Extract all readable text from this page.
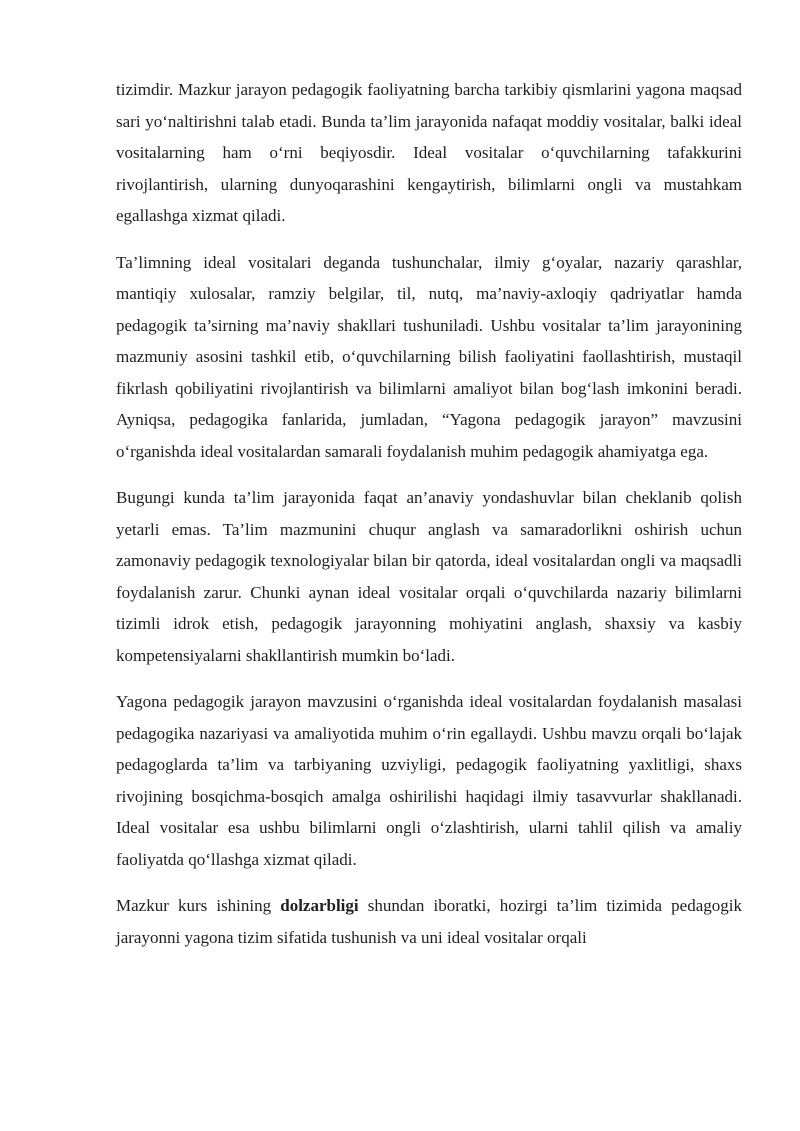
tizimdir. Mazkur jarayon pedagogik faoliyatning barcha tarkibiy qismlarini yagona maqsad sari yo‘naltirishni talab etadi. Bunda ta’lim jarayonida nafaqat moddiy vositalar, balki ideal vositalarning ham o‘rni beqiyosdir. Ideal vositalar o‘quvchilarning tafakkurini rivojlantirish, ularning dunyoqarashini kengaytirish, bilimlarni ongli va mustahkam egallashga xizmat qiladi.

Ta’limning ideal vositalari deganda tushunchalar, ilmiy g‘oyalar, nazariy qarashlar, mantiqiy xulosalar, ramziy belgilar, til, nutq, ma’naviy-axloqiy qadriyatlar hamda pedagogik ta’sirning ma’naviy shakllari tushuniladi. Ushbu vositalar ta’lim jarayonining mazmuniy asosini tashkil etib, o‘quvchilarning bilish faoliyatini faollashtirish, mustaqil fikrlash qobiliyatini rivojlantirish va bilimlarni amaliyot bilan bog‘lash imkonini beradi. Ayniqsa, pedagogika fanlarida, jumladan, “Yagona pedagogik jarayon” mavzusini o‘rganishda ideal vositalardan samarali foydalanish muhim pedagogik ahamiyatga ega.

Bugungi kunda ta’lim jarayonida faqat an’anaviy yondashuvlar bilan cheklanib qolish yetarli emas. Ta’lim mazmunini chuqur anglash va samaradorlikni oshirish uchun zamonaviy pedagogik texnologiyalar bilan bir qatorda, ideal vositalardan ongli va maqsadli foydalanish zarur. Chunki aynan ideal vositalar orqali o‘quvchilarda nazariy bilimlarni tizimli idrok etish, pedagogik jarayonning mohiyatini anglash, shaxsiy va kasbiy kompetensiyalarni shakllantirish mumkin bo‘ladi.

Yagona pedagogik jarayon mavzusini o‘rganishda ideal vositalardan foydalanish masalasi pedagogika nazariyasi va amaliyotida muhim o‘rin egallaydi. Ushbu mavzu orqali bo‘lajak pedagoglarda ta’lim va tarbiyaning uzviyligi, pedagogik faoliyatning yaxlitligi, shaxs rivojining bosqichma-bosqich amalga oshirilishi haqidagi ilmiy tasavvurlar shakllanadi. Ideal vositalar esa ushbu bilimlarni ongli o‘zlashtirish, ularni tahlil qilish va amaliy faoliyatda qo‘llashga xizmat qiladi.

Mazkur kurs ishining dolzarbligi shundan iboratki, hozirgi ta’lim tizimida pedagogik jarayonni yagona tizim sifatida tushunish va uni ideal vositalar orqali
